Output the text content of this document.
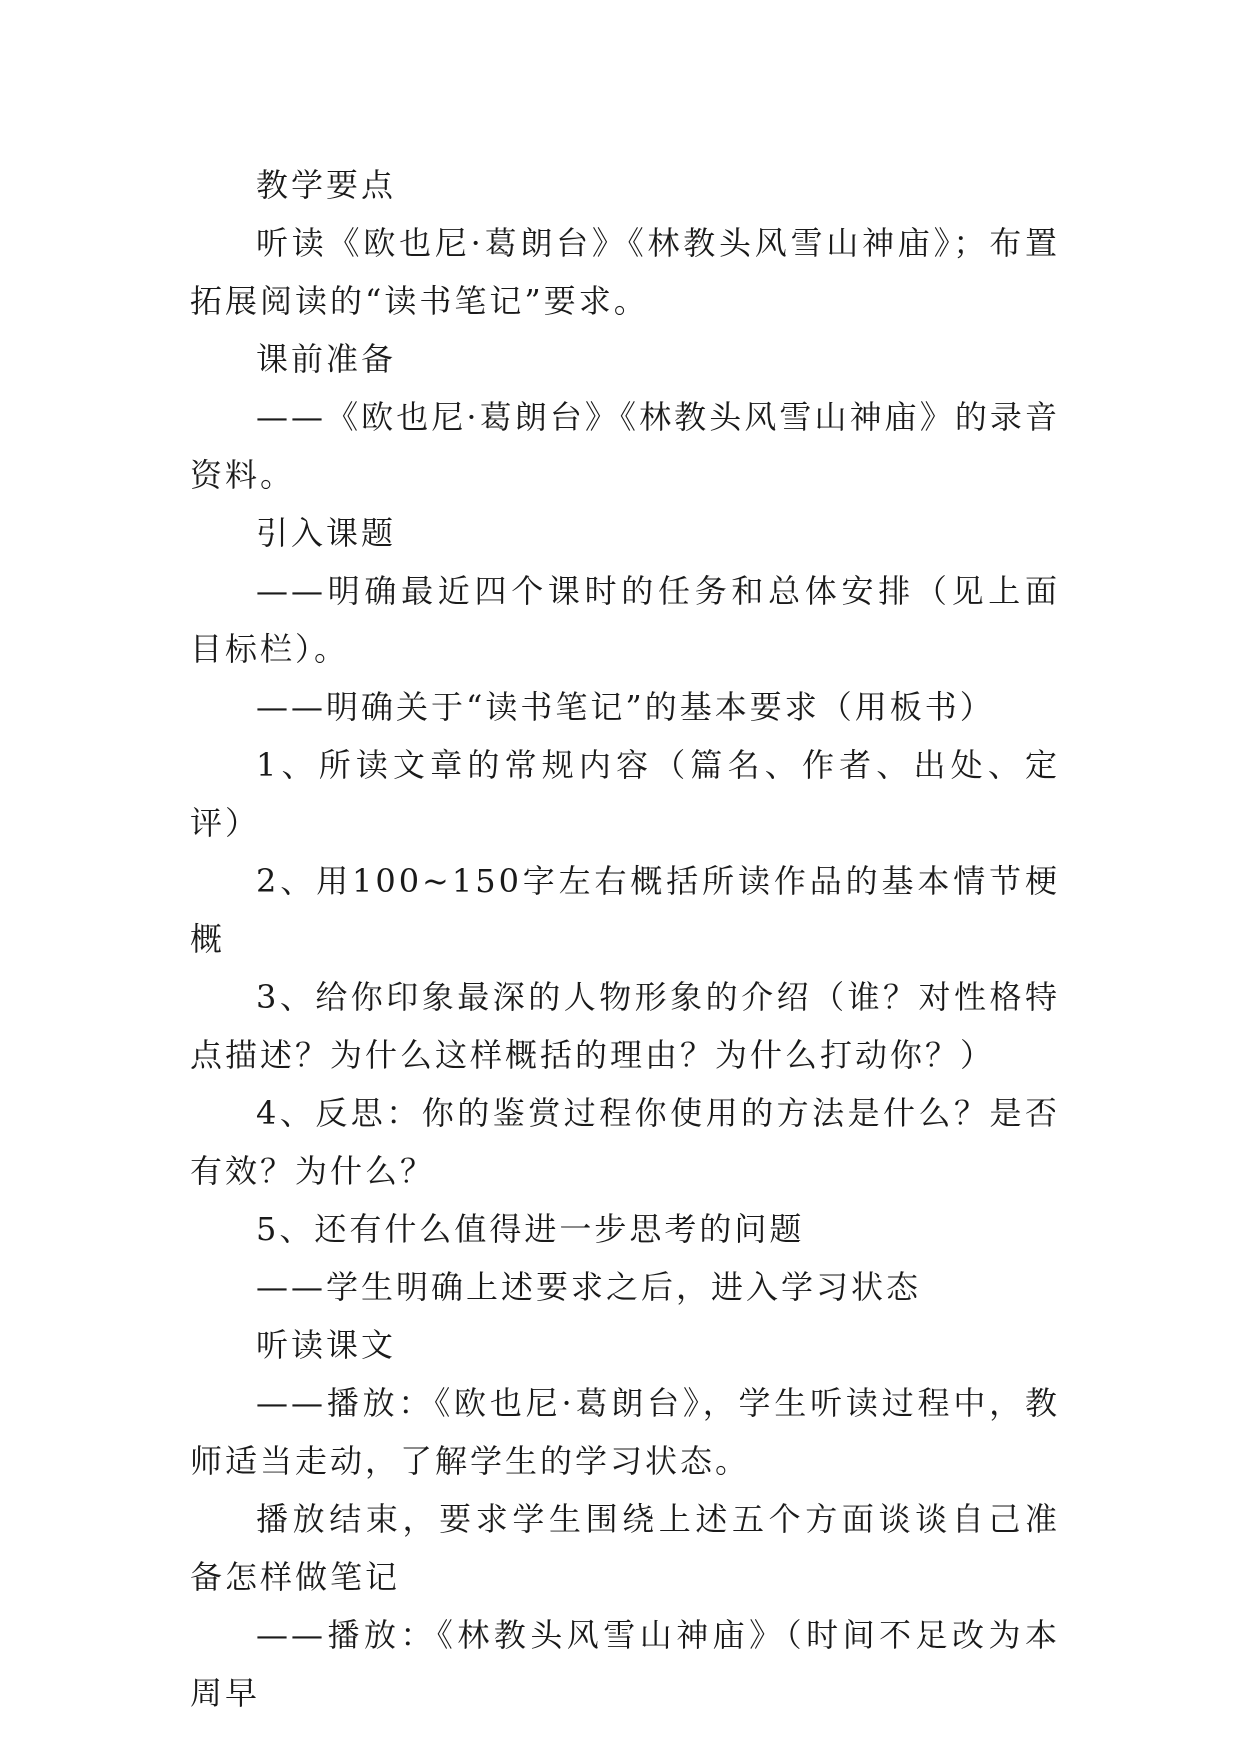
教学要点

听读《欧也尼·葛朗台》《林教头风雪山神庙》；布置拓展阅读的“读书笔记”要求。

课前准备

——《欧也尼·葛朗台》《林教头风雪山神庙》的录音资料。

引入课题

——明确最近四个课时的任务和总体安排（见上面目标栏）。

——明确关于“读书笔记”的基本要求（用板书）

1、所读文章的常规内容（篇名、作者、出处、定评）

2、用100~150字左右概括所读作品的基本情节梗概

3、给你印象最深的人物形象的介绍（谁？对性格特点描述？为什么这样概括的理由？为什么打动你？）

4、反思：你的鉴赏过程你使用的方法是什么？是否有效？为什么？

5、还有什么值得进一步思考的问题

——学生明确上述要求之后，进入学习状态

听读课文

——播放：《欧也尼·葛朗台》，学生听读过程中，教师适当走动，了解学生的学习状态。

播放结束，要求学生围绕上述五个方面谈谈自己准备怎样做笔记

——播放：《林教头风雪山神庙》（时间不足改为本周早
